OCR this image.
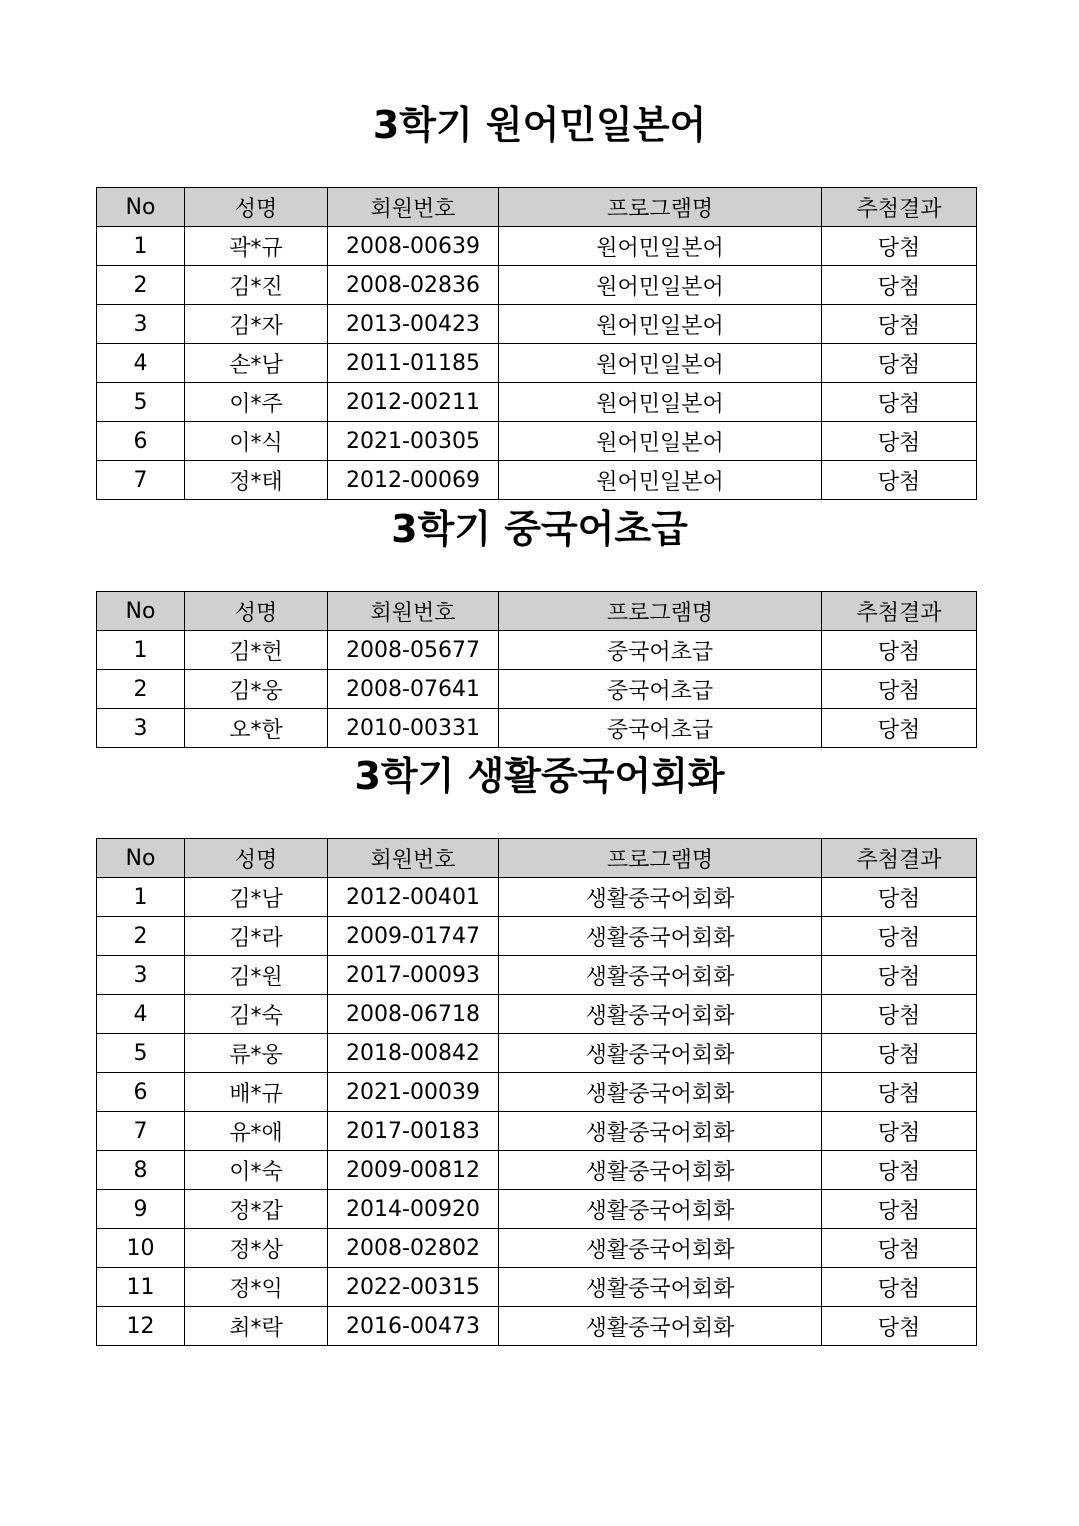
3학기 원어민일본어
No	성명	회원번호	프로그램명	추첨결과
1	곽*규	2008-00639	원어민일본어	당첨
2	김*진	2008-02836	원어민일본어	당첨
3	김*자	2013-00423	원어민일본어	당첨
4	손*남	2011-01185	원어민일본어	당첨
5	이*주	2012-00211	원어민일본어	당첨
6	이*식	2021-00305	원어민일본어	당첨
7	정*태	2012-00069	원어민일본어	당첨
3학기 중국어초급
No	성명	회원번호	프로그램명	추첨결과
1	김*헌	2008-05677	중국어초급	당첨
2	김*웅	2008-07641	중국어초급	당첨
3	오*한	2010-00331	중국어초급	당첨
3학기 생활중국어회화
No	성명	회원번호	프로그램명	추첨결과
1	김*남	2012-00401	생활중국어회화	당첨
2	김*라	2009-01747	생활중국어회화	당첨
3	김*원	2017-00093	생활중국어회화	당첨
4	김*숙	2008-06718	생활중국어회화	당첨
5	류*웅	2018-00842	생활중국어회화	당첨
6	배*규	2021-00039	생활중국어회화	당첨
7	유*애	2017-00183	생활중국어회화	당첨
8	이*숙	2009-00812	생활중국어회화	당첨
9	정*갑	2014-00920	생활중국어회화	당첨
10	정*상	2008-02802	생활중국어회화	당첨
11	정*익	2022-00315	생활중국어회화	당첨
12	최*락	2016-00473	생활중국어회화	당첨
